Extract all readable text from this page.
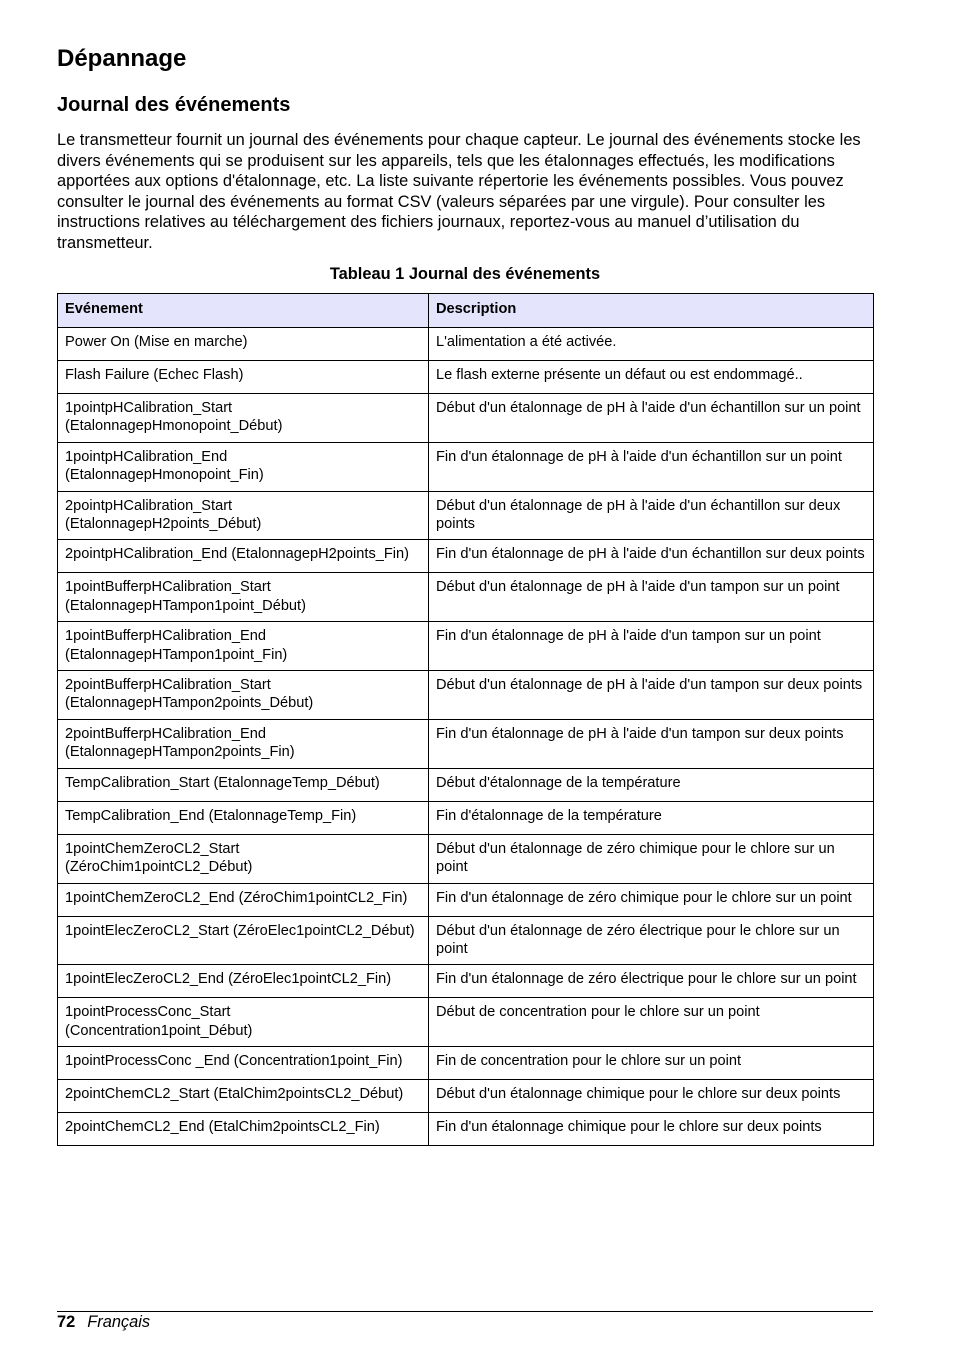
Dépannage
Journal des événements

Le transmetteur fournit un journal des événements pour chaque capteur. Le journal des événements stocke les divers événements qui se produisent sur les appareils, tels que les étalonnages effectués, les modifications apportées aux options d'étalonnage, etc. La liste suivante répertorie les événements possibles. Vous pouvez consulter le journal des événements au format CSV (valeurs séparées par une virgule). Pour consulter les instructions relatives au téléchargement des fichiers journaux, reportez-vous au manuel d’utilisation du transmetteur.

Tableau 1 Journal des événements
Evénement	Description
Power On (Mise en marche)	L'alimentation a été activée.
Flash Failure (Echec Flash)	Le flash externe présente un défaut ou est endommagé..
1pointpHCalibration_Start (EtalonnagepHmonopoint_Début)	Début d'un étalonnage de pH à l'aide d'un échantillon sur un point
1pointpHCalibration_End (EtalonnagepHmonopoint_Fin)	Fin d'un étalonnage de pH à l'aide d'un échantillon sur un point
2pointpHCalibration_Start (EtalonnagepH2points_Début)	Début d'un étalonnage de pH à l'aide d'un échantillon sur deux points
2pointpHCalibration_End (EtalonnagepH2points_Fin)	Fin d'un étalonnage de pH à l'aide d'un échantillon sur deux points
1pointBufferpHCalibration_Start (EtalonnagepHTampon1point_Début)	Début d'un étalonnage de pH à l'aide d'un tampon sur un point
1pointBufferpHCalibration_End (EtalonnagepHTampon1point_Fin)	Fin d'un étalonnage de pH à l'aide d'un tampon sur un point
2pointBufferpHCalibration_Start (EtalonnagepHTampon2points_Début)	Début d'un étalonnage de pH à l'aide d'un tampon sur deux points
2pointBufferpHCalibration_End (EtalonnagepHTampon2points_Fin)	Fin d'un étalonnage de pH à l'aide d'un tampon sur deux points
TempCalibration_Start (EtalonnageTemp_Début)	Début d'étalonnage de la température
TempCalibration_End (EtalonnageTemp_Fin)	Fin d'étalonnage de la température
1pointChemZeroCL2_Start (ZéroChim1pointCL2_Début)	Début d'un étalonnage de zéro chimique pour le chlore sur un point
1pointChemZeroCL2_End (ZéroChim1pointCL2_Fin)	Fin d'un étalonnage de zéro chimique pour le chlore sur un point
1pointElecZeroCL2_Start (ZéroElec1pointCL2_Début)	Début d'un étalonnage de zéro électrique pour le chlore sur un point
1pointElecZeroCL2_End (ZéroElec1pointCL2_Fin)	Fin d'un étalonnage de zéro électrique pour le chlore sur un point
1pointProcessConc_Start (Concentration1point_Début)	Début de concentration pour le chlore sur un point
1pointProcessConc _End (Concentration1point_Fin)	Fin de concentration pour le chlore sur un point
2pointChemCL2_Start (EtalChim2pointsCL2_Début)	Début d'un étalonnage chimique pour le chlore sur deux points
2pointChemCL2_End (EtalChim2pointsCL2_Fin)	Fin d'un étalonnage chimique pour le chlore sur deux points
72 Français
